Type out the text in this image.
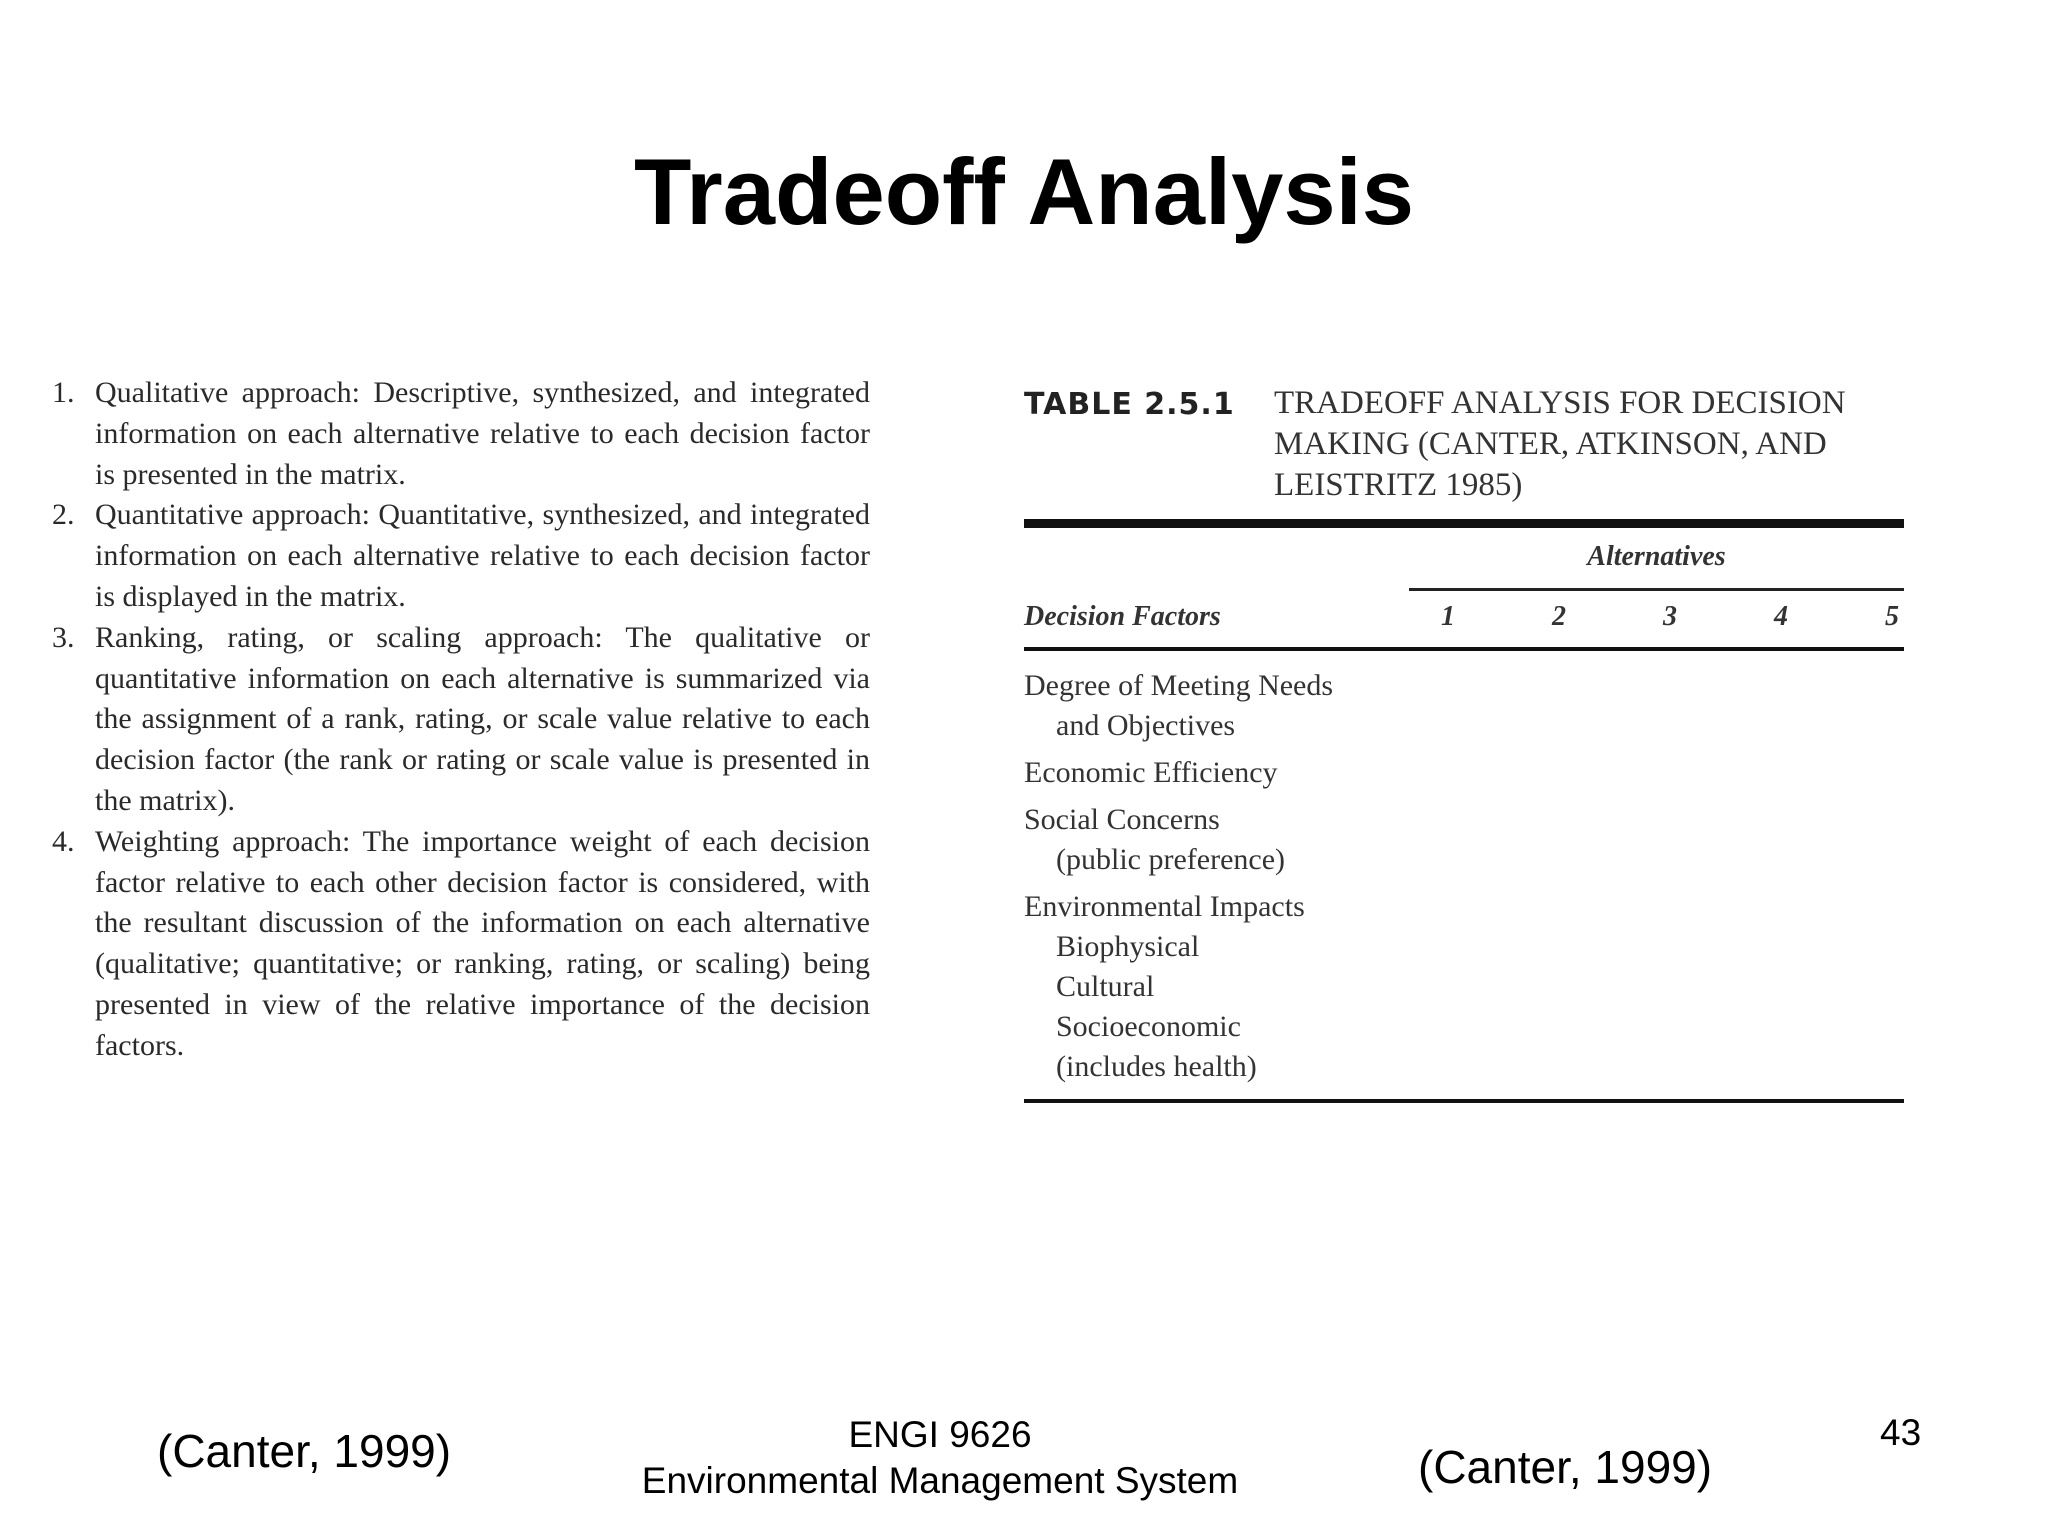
Tradeoff Analysis
1. Qualitative approach: Descriptive, synthesized, and integrated information on each alternative relative to each decision factor is presented in the matrix.
2. Quantitative approach: Quantitative, synthesized, and integrated information on each alternative relative to each decision factor is displayed in the matrix.
3. Ranking, rating, or scaling approach: The qualitative or quantitative information on each alternative is summarized via the assignment of a rank, rating, or scale value relative to each decision factor (the rank or rating or scale value is presented in the matrix).
4. Weighting approach: The importance weight of each decision factor relative to each other decision factor is considered, with the resultant discussion of the information on each alternative (qualitative; quantitative; or ranking, rating, or scaling) being presented in view of the relative importance of the decision factors.
TABLE 2.5.1 TRADEOFF ANALYSIS FOR DECISION MAKING (CANTER, ATKINSON, AND LEISTRITZ 1985)
Alternatives
Decision Factors	1	2	3	4	5
Degree of Meeting Needs
and Objectives
Economic Efficiency
Social Concerns
(public preference)
Environmental Impacts
Biophysical
Cultural
Socioeconomic
(includes health)
(Canter, 1999)	ENGI 9626
Environmental Management System	(Canter, 1999)
43
